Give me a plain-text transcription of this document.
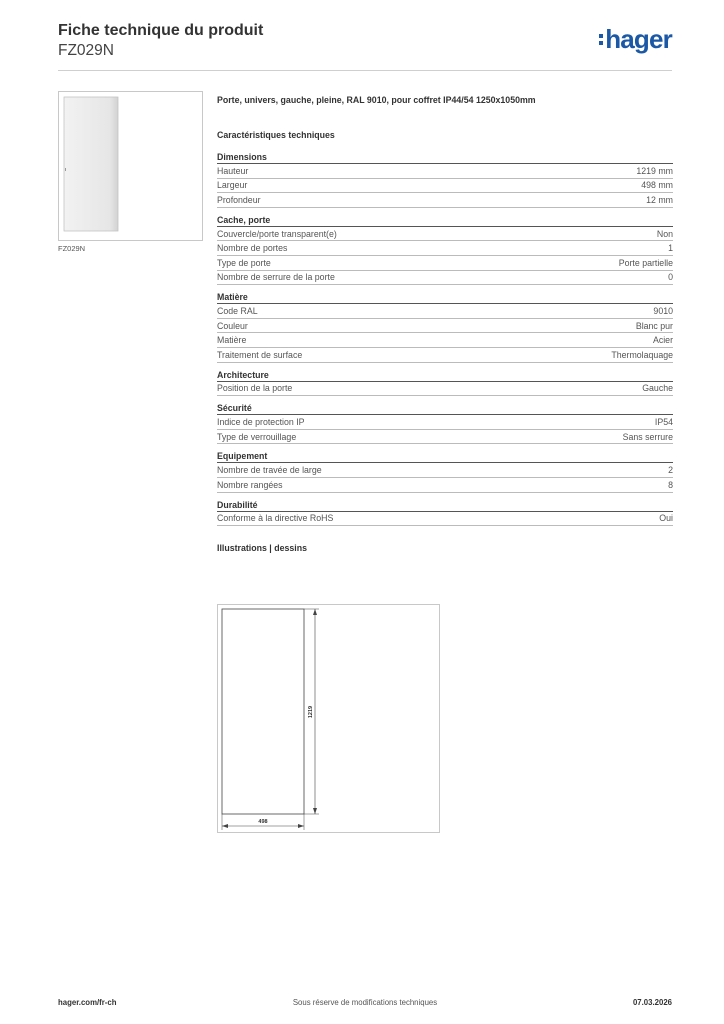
Fiche technique du produit
FZ029N	hager
FZ029N
Porte, univers, gauche, pleine, RAL 9010, pour coffret IP44/54 1250x1050mm
Caractéristiques techniques
Dimensions
Hauteur	1219 mm
Largeur	498 mm
Profondeur	12 mm
Cache, porte
Couvercle/porte transparent(e)	Non
Nombre de portes	1
Type de porte	Porte partielle
Nombre de serrure de la porte	0
Matière
Code RAL	9010
Couleur	Blanc pur
Matière	Acier
Traitement de surface	Thermolaquage
Architecture
Position de la porte	Gauche
Sécurité
Indice de protection IP	IP54
Type de verrouillage	Sans serrure
Equipement
Nombre de travée de large	2
Nombre rangées	8
Durabilité
Conforme à la directive RoHS	Oui
Illustrations | dessins
1219
498
hager.com/fr-ch	Sous réserve de modifications techniques	07.03.2026
